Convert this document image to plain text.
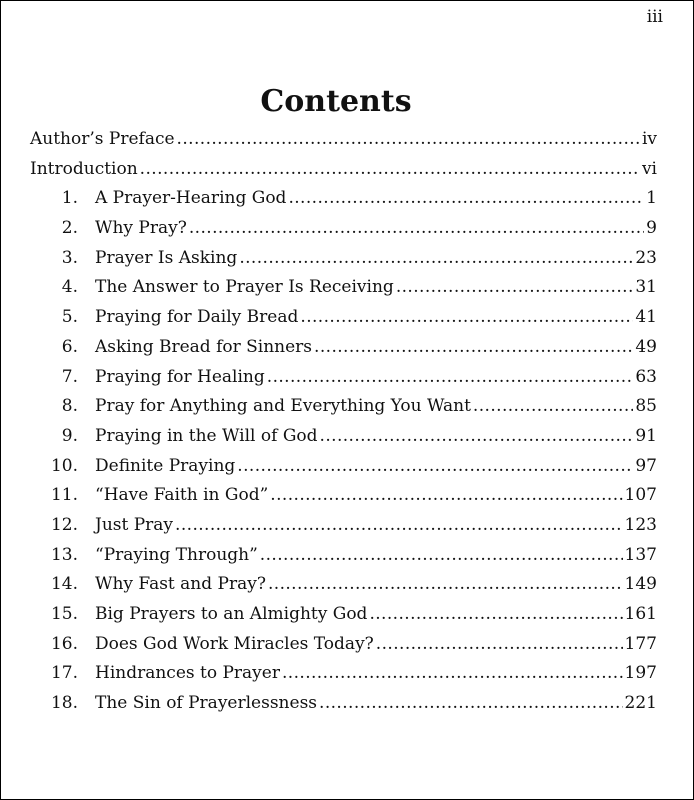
iii
Contents
Author’s Preface .....	iv
Introduction .....	vi
1. A Prayer-Hearing God .....	1
2. Why Pray? .....	9
3. Prayer Is Asking .....	23
4. The Answer to Prayer Is Receiving .....	31
5. Praying for Daily Bread .....	41
6. Asking Bread for Sinners .....	49
7. Praying for Healing .....	63
8. Pray for Anything and Everything You Want .....	85
9. Praying in the Will of God .....	91
10. Definite Praying .....	97
11. “Have Faith in God” .....	107
12. Just Pray .....	123
13. “Praying Through” .....	137
14. Why Fast and Pray? .....	149
15. Big Prayers to an Almighty God .....	161
16. Does God Work Miracles Today? .....	177
17. Hindrances to Prayer .....	197
18. The Sin of Prayerlessness .....	221
